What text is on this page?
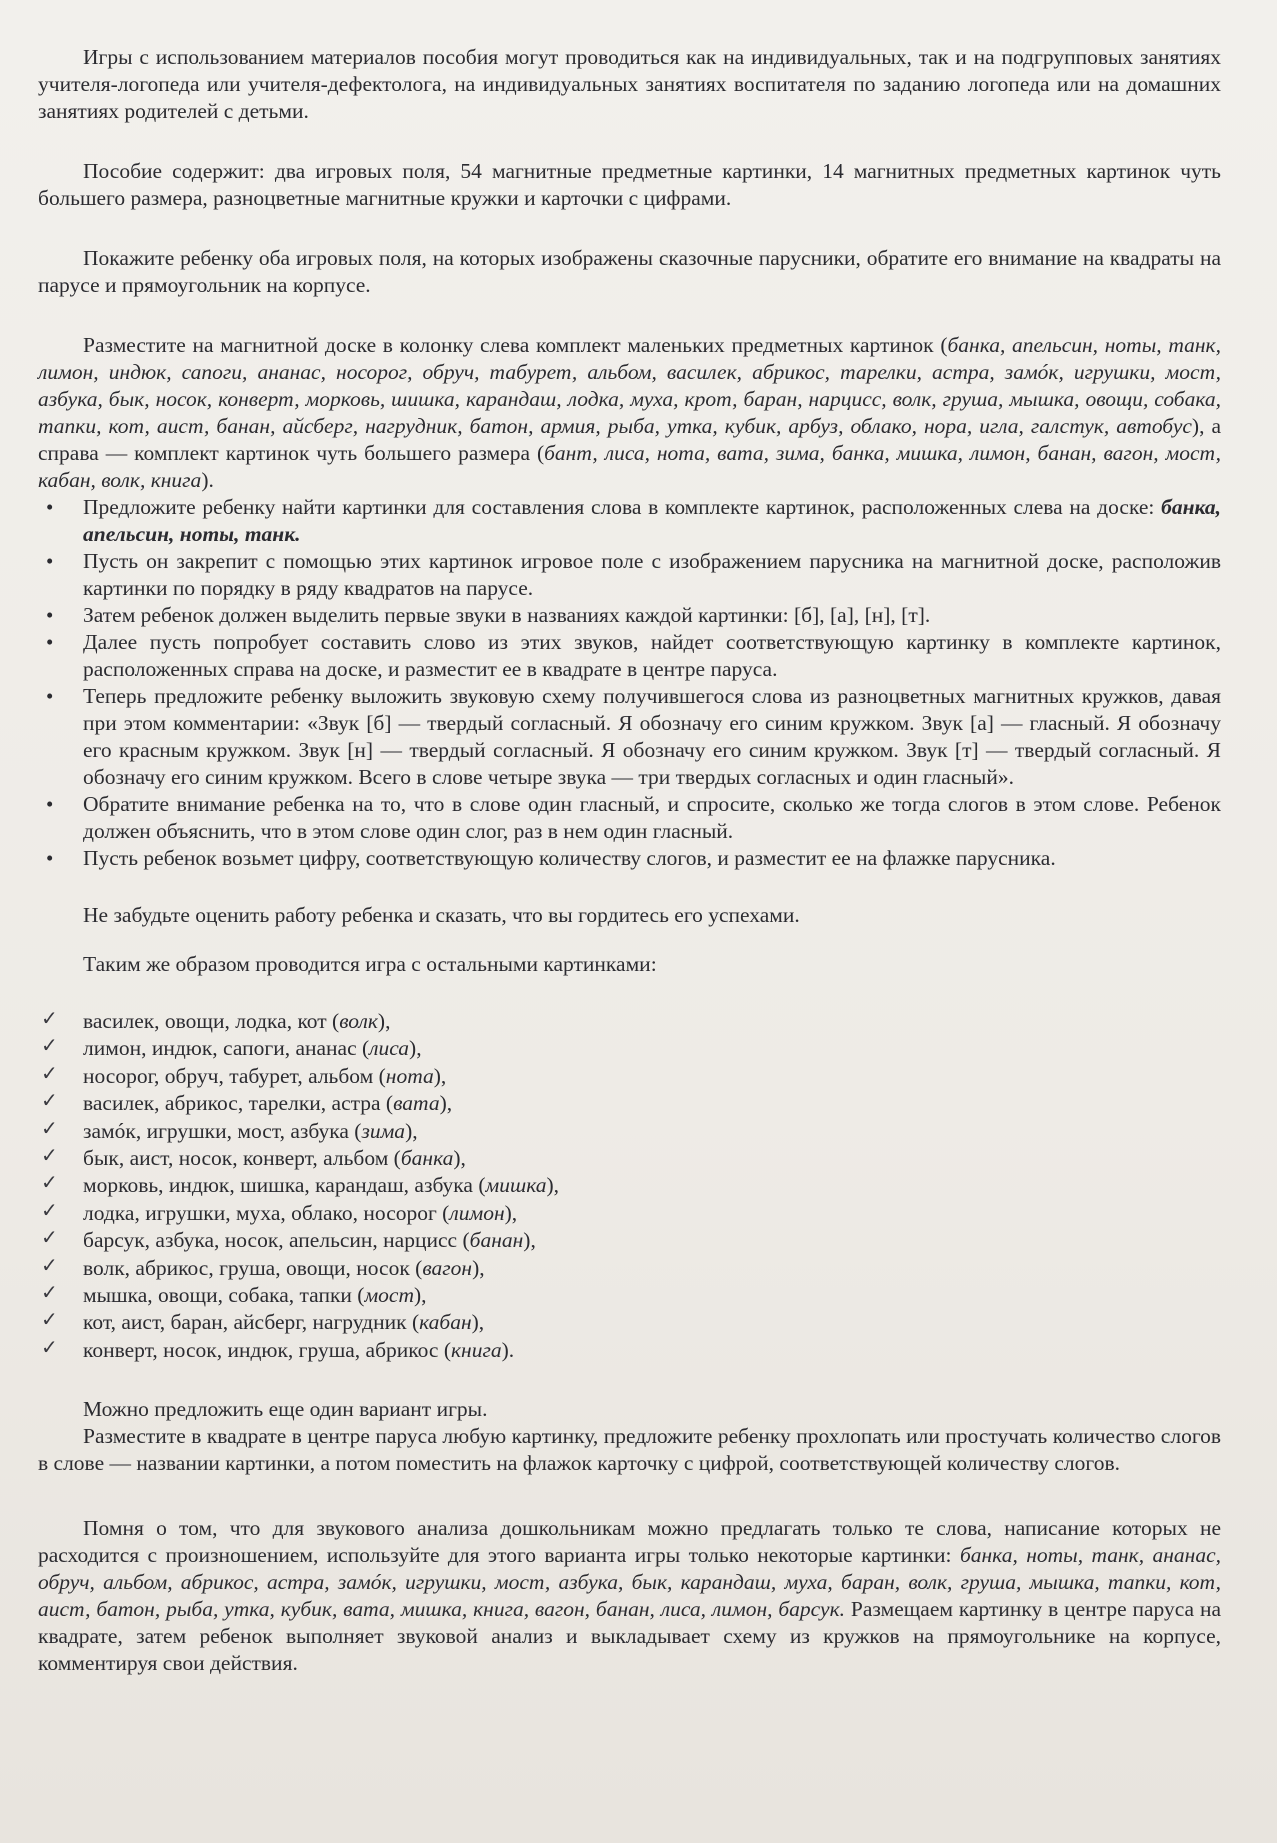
Игры с использованием материалов пособия могут проводиться как на индивидуальных, так и на подгрупповых занятиях учителя-логопеда или учителя-дефектолога, на индивидуальных занятиях воспитателя по заданию логопеда или на домашних занятиях родителей с детьми.

Пособие содержит: два игровых поля, 54 магнитные предметные картинки, 14 магнитных предметных картинок чуть большего размера, разноцветные магнитные кружки и карточки с цифрами.

Покажите ребенку оба игровых поля, на которых изображены сказочные парусники, обратите его внимание на квадраты на парусе и прямоугольник на корпусе.

Разместите на магнитной доске в колонку слева комплект маленьких предметных картинок (банка, апельсин, ноты, танк, лимон, индюк, сапоги, ананас, носорог, обруч, табурет, альбом, василек, абрикос, тарелки, астра, замóк, игрушки, мост, азбука, бык, носок, конверт, морковь, шишка, карандаш, лодка, муха, крот, баран, нарцисс, волк, груша, мышка, овощи, собака, тапки, кот, аист, банан, айсберг, нагрудник, батон, армия, рыба, утка, кубик, арбуз, облако, нора, игла, галстук, автобус), а справа — комплект картинок чуть большего размера (бант, лиса, нота, вата, зима, банка, мишка, лимон, банан, вагон, мост, кабан, волк, книга).

• Предложите ребенку найти картинки для составления слова в комплекте картинок, расположенных слева на доске: банка, апельсин, ноты, танк.
• Пусть он закрепит с помощью этих картинок игровое поле с изображением парусника на магнитной доске, расположив картинки по порядку в ряду квадратов на парусе.
• Затем ребенок должен выделить первые звуки в названиях каждой картинки: [б], [а], [н], [т].
• Далее пусть попробует составить слово из этих звуков, найдет соответствующую картинку в комплекте картинок, расположенных справа на доске, и разместит ее в квадрате в центре паруса.
• Теперь предложите ребенку выложить звуковую схему получившегося слова из разноцветных магнитных кружков, давая при этом комментарии: «Звук [б] — твердый согласный. Я обозначу его синим кружком. Звук [а] — гласный. Я обозначу его красным кружком. Звук [н] — твердый согласный. Я обозначу его синим кружком. Звук [т] — твердый согласный. Я обозначу его синим кружком. Всего в слове четыре звука — три твердых согласных и один гласный».
• Обратите внимание ребенка на то, что в слове один гласный, и спросите, сколько же тогда слогов в этом слове. Ребенок должен объяснить, что в этом слове один слог, раз в нем один гласный.
• Пусть ребенок возьмет цифру, соответствующую количеству слогов, и разместит ее на флажке парусника.

Не забудьте оценить работу ребенка и сказать, что вы гордитесь его успехами.

Таким же образом проводится игра с остальными картинками:

✓ василек, овощи, лодка, кот (волк),
✓ лимон, индюк, сапоги, ананас (лиса),
✓ носорог, обруч, табурет, альбом (нота),
✓ василек, абрикос, тарелки, астра (вата),
✓ замóк, игрушки, мост, азбука (зима),
✓ бык, аист, носок, конверт, альбом (банка),
✓ морковь, индюк, шишка, карандаш, азбука (мишка),
✓ лодка, игрушки, муха, облако, носорог (лимон),
✓ барсук, азбука, носок, апельсин, нарцисс (банан),
✓ волк, абрикос, груша, овощи, носок (вагон),
✓ мышка, овощи, собака, тапки (мост),
✓ кот, аист, баран, айсберг, нагрудник (кабан),
✓ конверт, носок, индюк, груша, абрикос (книга).

Можно предложить еще один вариант игры.

Разместите в квадрате в центре паруса любую картинку, предложите ребенку прохлопать или простучать количество слогов в слове — названии картинки, а потом поместить на флажок карточку с цифрой, соответствующей количеству слогов.

Помня о том, что для звукового анализа дошкольникам можно предлагать только те слова, написание которых не расходится с произношением, используйте для этого варианта игры только некоторые картинки: банка, ноты, танк, ананас, обруч, альбом, абрикос, астра, замóк, игрушки, мост, азбука, бык, карандаш, муха, баран, волк, груша, мышка, тапки, кот, аист, батон, рыба, утка, кубик, вата, мишка, книга, вагон, банан, лиса, лимон, барсук. Размещаем картинку в центре паруса на квадрате, затем ребенок выполняет звуковой анализ и выкладывает схему из кружков на прямоугольнике на корпусе, комментируя свои действия.
